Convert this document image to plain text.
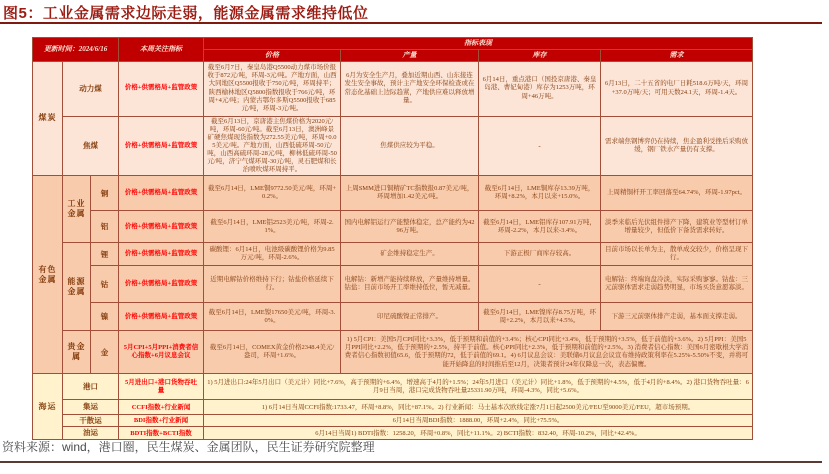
图5：工业金属需求边际走弱，能源金属需求维持低位
更新时间：2024/6/16			本周关注指标	指标表现			
				价格	产量	库存	需求
煤炭	动力煤		价格+供需格局+监管政策	截至6月7日，秦皇岛港Q5500动力煤市场价报收于872元/吨，环周-3元/吨。产地方面，山西大同地区Q5500报收于750元/吨，环周持平；陕西榆林地区Q5800指数报收于766元/吨，环周+4元/吨；内蒙古鄂尔多斯Q5500报收于685元/吨，环周-3元/吨。	6月为安全生产月，叠加近期山西、山东接连发生安全事故，预计主产地安全环保检查或在常态化基础上边际趋紧，产地供应难以释放增量。	6月14日，重点港口（国投京唐港、秦皇岛港、曹妃甸港）库存为1253万吨，环周+46万吨。	6月13日，二十五省的电厂日耗518.6万吨/天，环周+37.0万吨/天；可用天数24.1天，环周-1.4天。
	焦煤		价格+供需格局+监管政策	截至6月13日，京唐港主焦煤价格为2020元/吨，环周-60元/吨。截至6月13日，澳洲峰景矿硬焦煤现货指数为272.55美元/吨，环周+0.05美元/吨。产地方面，山西低硫环周-50元/吨，山西高硫环周-28元/吨，柳林低硫环周-50元/吨，济宁气煤环周-30元/吨，灵石肥煤和长治喷吹煤环周持平。	焦煤供应较为平稳。	-	需求端焦钢博弈仍在持续，焦企盈利受挫后采购放缓，钢厂铁水产量仍有支撑。
有色金属	工业金属	铜	价格+供需格局+监管政策	截至6月14日，LME铜9772.50美元/吨，环周+0.2%。	上周SMM进口铜精矿TC指数报0.87美元/吨，环周增加1.42美元/吨。	截至6月14日，LME铜库存13.39万吨，环周+8.2%，本月以来+15.0%。	上周精铜杆开工率回落至64.74%，环周-1.97pct。
		铝	价格+供需格局+监管政策	截至6月14日，LME铝2523美元/吨，环周-2.1%。	国内电解铝运行产能整体稳定，总产能约为4296万吨。	截至6月14日，LME铝库存107.91万吨，环周-2.2%，本月以来-3.4%。	淡季来临后光伏组件排产下降，建筑业等型材订单增量较少，但低价下备货需求转好。
	能源金属	锂	价格+供需格局+监管政策	碳酸锂：6月14日，电池级碳酸锂价格为9.85万元/吨，环周-2.6%。	矿企维持稳定生产。	下游正极厂商库存较高。	目前市场以长单为主，散单成交较少，价格呈现下行。
		钴	价格+供需格局+监管政策	近期电解钴价格维持下行；钴盐价格延续下行。	电解钴：新增产能持续释放，产量维持增量。钴盐：目前市场开工率维持低位，暂无减量。	-	电解钴：终端询盘冷淡，实际采购寥寥。钴盐：三元前驱体需求走弱趋势明显，市场买货意愿寡淡。
		镍	价格+供需格局+监管政策	截至6月14日，LME镍17650美元/吨，环周-3.0%。	印尼硫酸镍正常排产。	截至6月14日，LME镍库存8.75万吨，环周+2.2%，本月以来+4.5%。	下游三元前驱体排产走弱，基本面支撑走弱。
	贵金属	金	5月CPI+5月PPI+消费者信心指数+6月议息会议	截至6月14日，COMEX黄金价格2348.4美元/盎司，环周+1.6%。	1) 5月CPI：美国5月CPI同比+3.3%，低于预期和前值的+3.4%；核心CPI同比+3.4%，低于预期的+3.5%，低于前值的+3.6%。2) 5月PPI：美国5月PPI同比+2.2%，低于预期的+2.5%，持平于前值。核心PPI同比+2.3%，低于预期和前值的+2.5%。3) 消费者信心指数：美国6月密歇根大学消费者信心指数初值65.6，低于预期的72，低于前值的69.1。4) 6月议息会议：美联储6月议息会议宣布维持政策利率在5.25%-5.50%不变，并将可能开始降息的时间推后至12月，决策者预计24年仅降息一次，表态偏鹰。		
海运	港口		5月进出口+港口货物吞吐量	1) 5月进出口:24年5月出口（美元计）同比+7.6%，高于预期的+6.4%，增速高于4月的+1.5%；24年5月进口（美元计）同比+1.8%，低于预期的+4.5%，低于4月的+8.4%。2) 港口货物吞吐量：6月9日当周，港口完成货物吞吐量25331.90万吨，环周-4.3%，同比+5.6%。			
	集运		CCFI指数+行业新闻	1) 6月14日当周CCFI指数:1733.47，环周+8.8%，同比+87.1%。2) 行业新闻：马士基本次欧线定涨7月1日起2500美元/FEU至9000美元/FEU，超市场预期。			
	干散运		BDI指数+行业新闻	6月14日当周BDI指数：1888.00，环周+2.4%，同比+75.5%。			
	油运		BDTI指数+BCTI指数	6月14日当周1) BDTI指数：1258.20，环周+0.8%，同比+11.1%。2) BCTI指数：832.40，环周-10.2%，同比+42.4%。			
资料来源：wind，港口圈，民生煤炭、金属团队，民生证券研究院整理
